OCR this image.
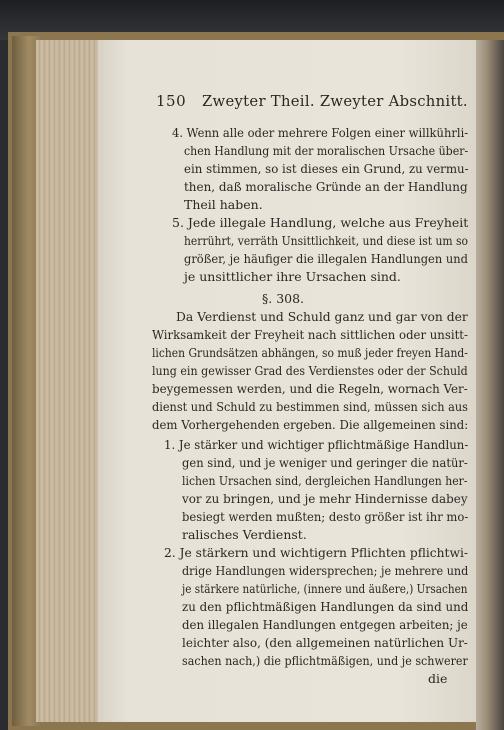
150 Zweyter Theil. Zweyter Abschnitt.

4. Wenn alle oder mehrere Folgen einer willkührli-

chen Handlung mit der moralischen Ursache über-

ein stimmen, so ist dieses ein Grund, zu vermu-

then, daß moralische Gründe an der Handlung

Theil haben.

5. Jede illegale Handlung, welche aus Freyheit

herrührt, verräth Unsittlichkeit, und diese ist um so

größer, je häufiger die illegalen Handlungen und

je unsittlicher ihre Ursachen sind.

§. 308.

Da Verdienst und Schuld ganz und gar von der

Wirksamkeit der Freyheit nach sittlichen oder unsitt-

lichen Grundsätzen abhängen, so muß jeder freyen Hand-

lung ein gewisser Grad des Verdienstes oder der Schuld

beygemessen werden, und die Regeln, wornach Ver-

dienst und Schuld zu bestimmen sind, müssen sich aus

dem Vorhergehenden ergeben. Die allgemeinen sind:

1. Je stärker und wichtiger pflichtmäßige Handlun-

gen sind, und je weniger und geringer die natür-

lichen Ursachen sind, dergleichen Handlungen her-

vor zu bringen, und je mehr Hindernisse dabey

besiegt werden mußten; desto größer ist ihr mo-

ralisches Verdienst.

2. Je stärkern und wichtigern Pflichten pflichtwi-

drige Handlungen widersprechen; je mehrere und

je stärkere natürliche, (innere und äußere,) Ursachen

zu den pflichtmäßigen Handlungen da sind und

den illegalen Handlungen entgegen arbeiten; je

leichter also, (den allgemeinen natürlichen Ur-

sachen nach,) die pflichtmäßigen, und je schwerer

die
